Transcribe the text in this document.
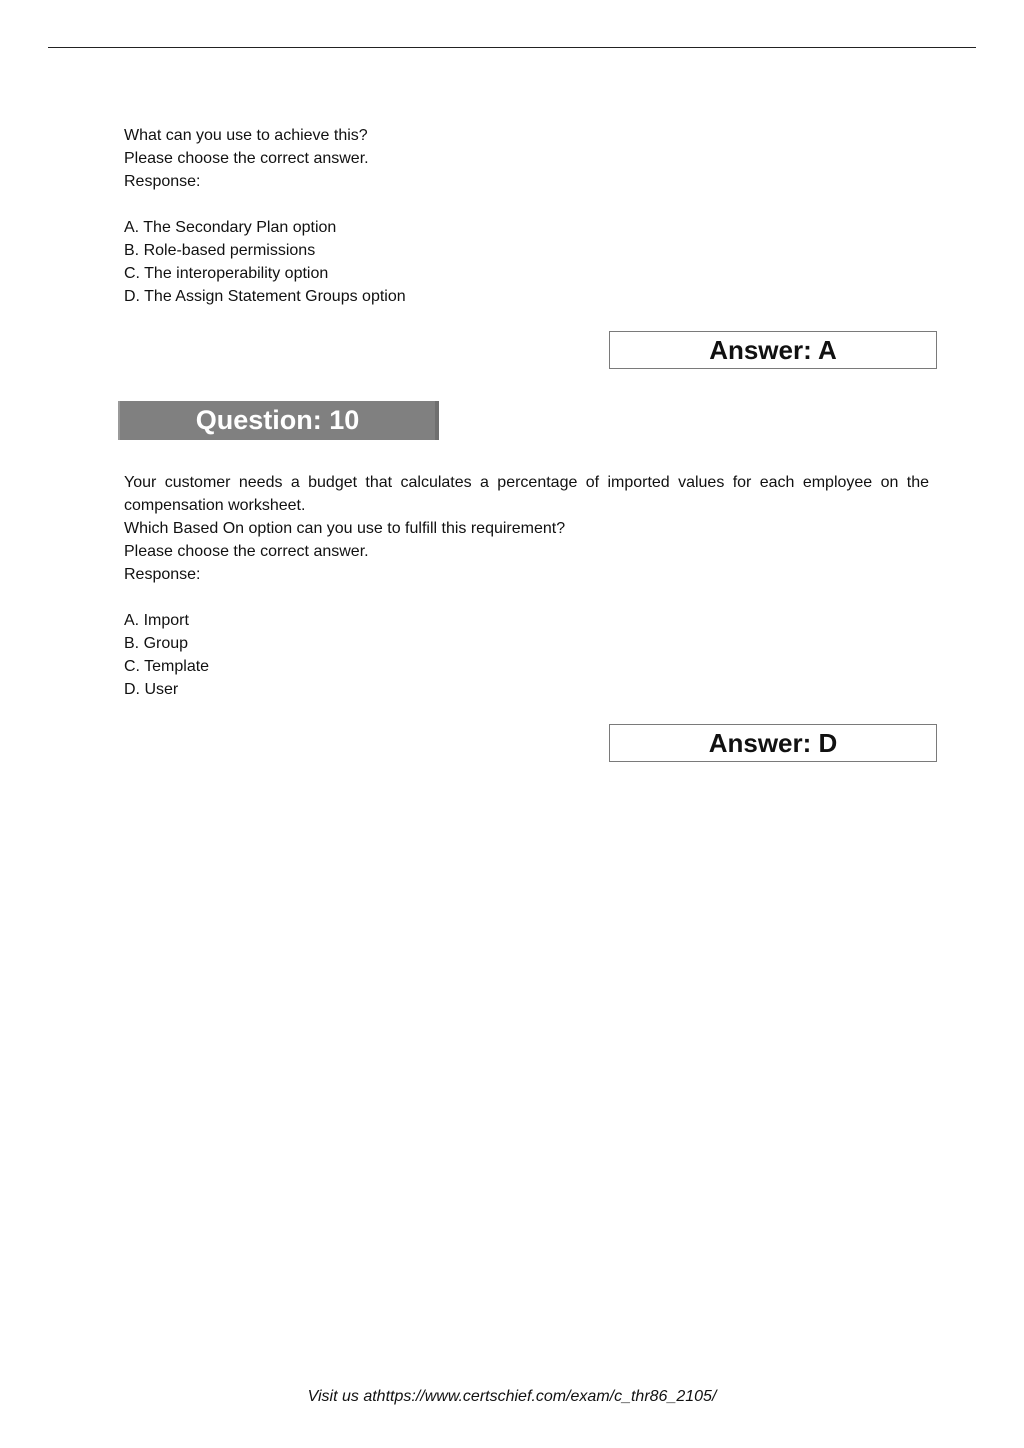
What can you use to achieve this?

Please choose the correct answer.

Response:

A. The Secondary Plan option

B. Role-based permissions

C. The interoperability option

D. The Assign Statement Groups option

Answer: A
Question: 10

Your customer needs a budget that calculates a percentage of imported values for each employee on the compensation worksheet.

Which Based On option can you use to fulfill this requirement?

Please choose the correct answer.

Response:

A. Import

B. Group

C. Template

D. User

Answer: D
Visit us athttps://www.certschief.com/exam/c_thr86_2105/
